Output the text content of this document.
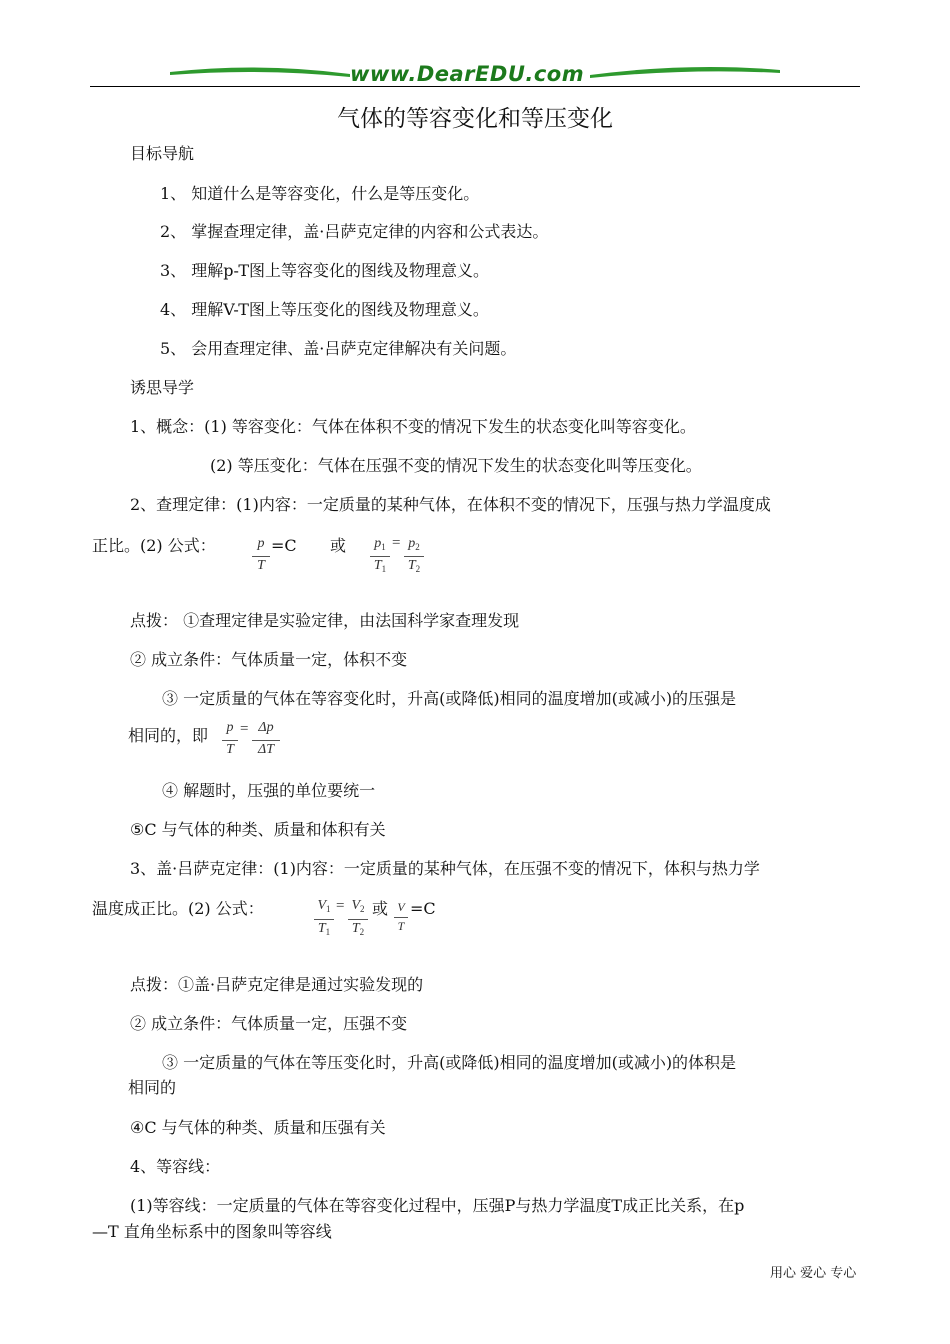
www.DearEDU.com
气体的等容变化和等压变化
目标导航
1、 知道什么是等容变化，什么是等压变化。
2、 掌握查理定律，盖·吕萨克定律的内容和公式表达。
3、 理解p-T图上等容变化的图线及物理意义。
4、 理解V-T图上等压变化的图线及物理意义。
5、 会用查理定律、盖·吕萨克定律解决有关问题。
诱思导学
1、概念：(1) 等容变化：气体在体积不变的情况下发生的状态变化叫等容变化。
(2) 等压变化：气体在压强不变的情况下发生的状态变化叫等压变化。
2、查理定律：(1)内容：一定质量的某种气体，在体积不变的情况下，压强与热力学温度成
正比。(2) 公式：	p
T
=C 或	$p_1$
$T_1$
= $p_2$
$T_2$
点拨： ①查理定律是实验定律，由法国科学家查理发现
② 成立条件：气体质量一定，体积不变
③ 一定质量的气体在等容变化时，升高(或降低)相同的温度增加(或减小)的压强是
相同的，即	p
T
= Δp
ΔT
④ 解题时，压强的单位要统一
⑤C 与气体的种类、质量和体积有关
3、盖·吕萨克定律：(1)内容：一定质量的某种气体，在压强不变的情况下，体积与热力学
温度成正比。(2) 公式：	$V_1$
$T_1$
= $V_2$
$T_2$
或 V
T
=C
点拨：①盖·吕萨克定律是通过实验发现的
② 成立条件：气体质量一定，压强不变
③ 一定质量的气体在等压变化时，升高(或降低)相同的温度增加(或减小)的体积是
相同的
④C 与气体的种类、质量和压强有关
4、等容线：
(1)等容线：一定质量的气体在等容变化过程中，压强P与热力学温度T成正比关系，在p
—T 直角坐标系中的图象叫等容线
用心 爱心 专心
